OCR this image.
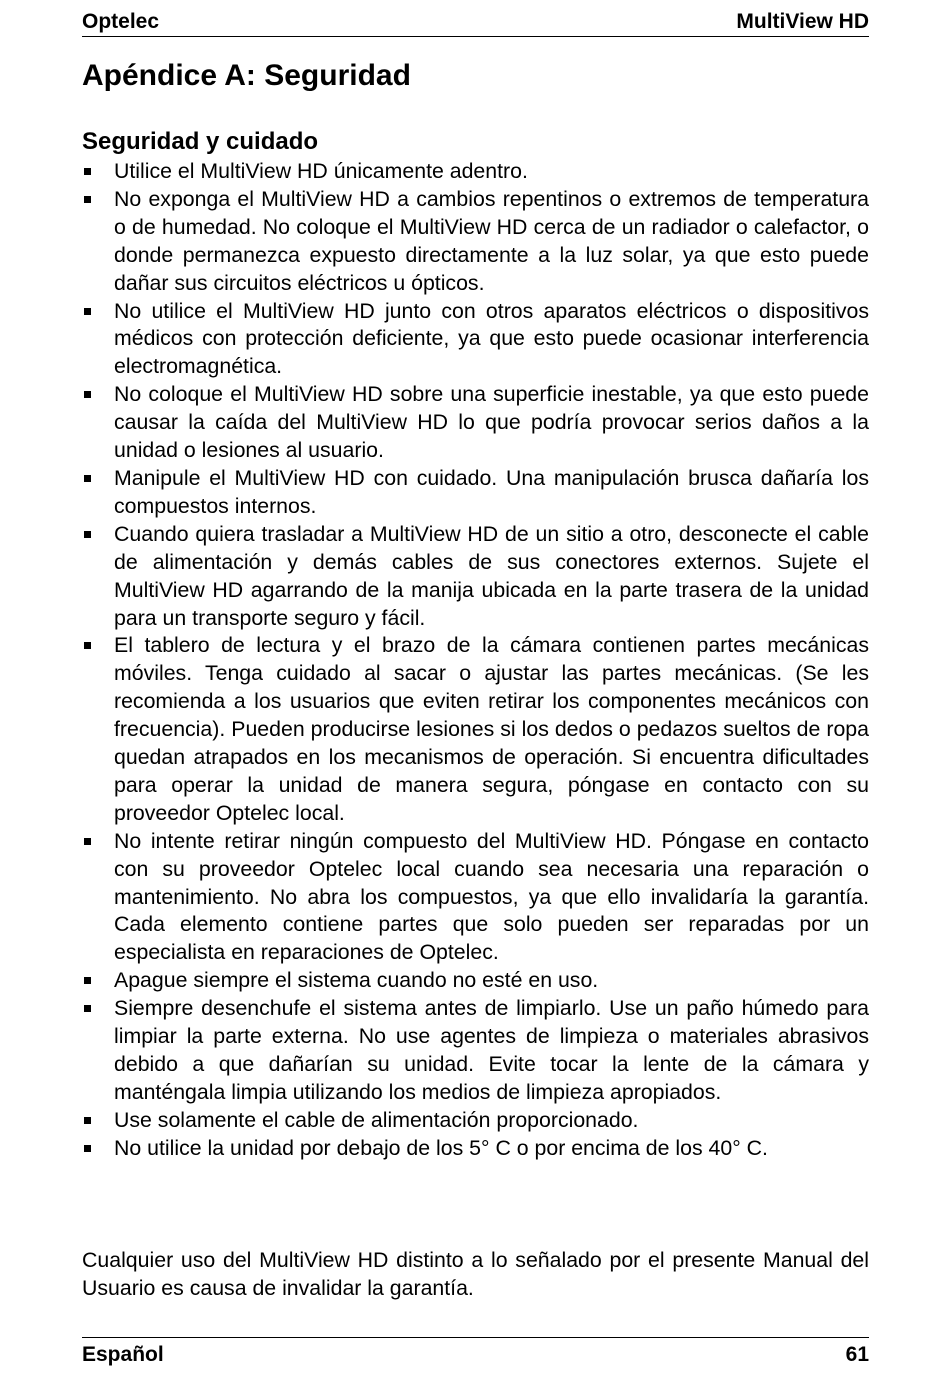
Optelec	MultiView HD
Apéndice A: Seguridad
Seguridad y cuidado
Utilice el MultiView HD únicamente adentro.
No exponga el MultiView HD a cambios repentinos o extremos de temperatura o de humedad. No coloque el MultiView HD cerca de un radiador o calefactor, o donde permanezca expuesto directamente a la luz solar, ya que esto puede dañar sus circuitos eléctricos u ópticos.
No utilice el MultiView HD junto con otros aparatos eléctricos o dispositivos médicos con protección deficiente, ya que esto puede ocasionar interferencia electromagnética.
No coloque el MultiView HD sobre una superficie inestable, ya que esto puede causar la caída del MultiView HD lo que podría provocar serios daños a la unidad o lesiones al usuario.
Manipule el MultiView HD con cuidado. Una manipulación brusca dañaría los compuestos internos.
Cuando quiera trasladar a MultiView HD de un sitio a otro, desconecte el cable de alimentación y demás cables de sus conectores externos. Sujete el MultiView HD agarrando de la manija ubicada en la parte trasera de la unidad para un transporte seguro y fácil.
El tablero de lectura y el brazo de la cámara contienen partes mecánicas móviles. Tenga cuidado al sacar o ajustar las partes mecánicas. (Se les recomienda a los usuarios que eviten retirar los componentes mecánicos con frecuencia). Pueden producirse lesiones si los dedos o pedazos sueltos de ropa quedan atrapados en los mecanismos de operación. Si encuentra dificultades para operar la unidad de manera segura, póngase en contacto con su proveedor Optelec local.
No intente retirar ningún compuesto del MultiView HD. Póngase en contacto con su proveedor Optelec local cuando sea necesaria una reparación o mantenimiento. No abra los compuestos, ya que ello invalidaría la garantía. Cada elemento contiene partes que solo pueden ser reparadas por un especialista en reparaciones de Optelec.
Apague siempre el sistema cuando no esté en uso.
Siempre desenchufe el sistema antes de limpiarlo. Use un paño húmedo para limpiar la parte externa. No use agentes de limpieza o materiales abrasivos debido a que dañarían su unidad. Evite tocar la lente de la cámara y manténgala limpia utilizando los medios de limpieza apropiados.
Use solamente el cable de alimentación proporcionado.
No utilice la unidad por debajo de los 5° C o por encima de los 40° C.

Cualquier uso del MultiView HD distinto a lo señalado por el presente Manual del Usuario es causa de invalidar la garantía.

Español	61
